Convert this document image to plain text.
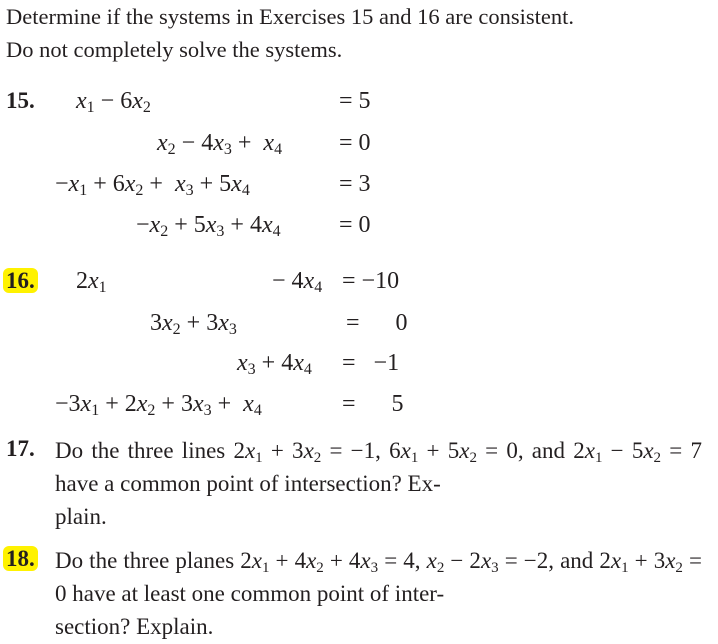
Determine if the systems in Exercises 15 and 16 are consistent.
Do not completely solve the systems.
15. $x_1 - 6x_2$	= 5
$x_2 - 4x_3 + x_4 = 0$
$-x_1 + 6x_2 + x_3 + 5x_4$	= 3
$-x_2 + 5x_3 + 4x_4 = 0$
16. $2x_1$	− $4x_4 = -10$
$3x_2 + 3x_3$	=      0
$x_3 + 4x_4 = -1$
$-3x_1 + 2x_2 + 3x_3 + x_4$	=      5
17. Do the three lines $2x_1 + 3x_2 = -1$, $6x_1 + 5x_2 = 0$, and $2x_1 - 5x_2 = 7$ have a common point of intersection? Ex-
plain.
18. Do the three planes $2x_1 + 4x_2 + 4x_3 = 4$, $x_2 - 2x_3 = -2$, and $2x_1 + 3x_2 = 0$ have at least one common point of inter-
section? Explain.
